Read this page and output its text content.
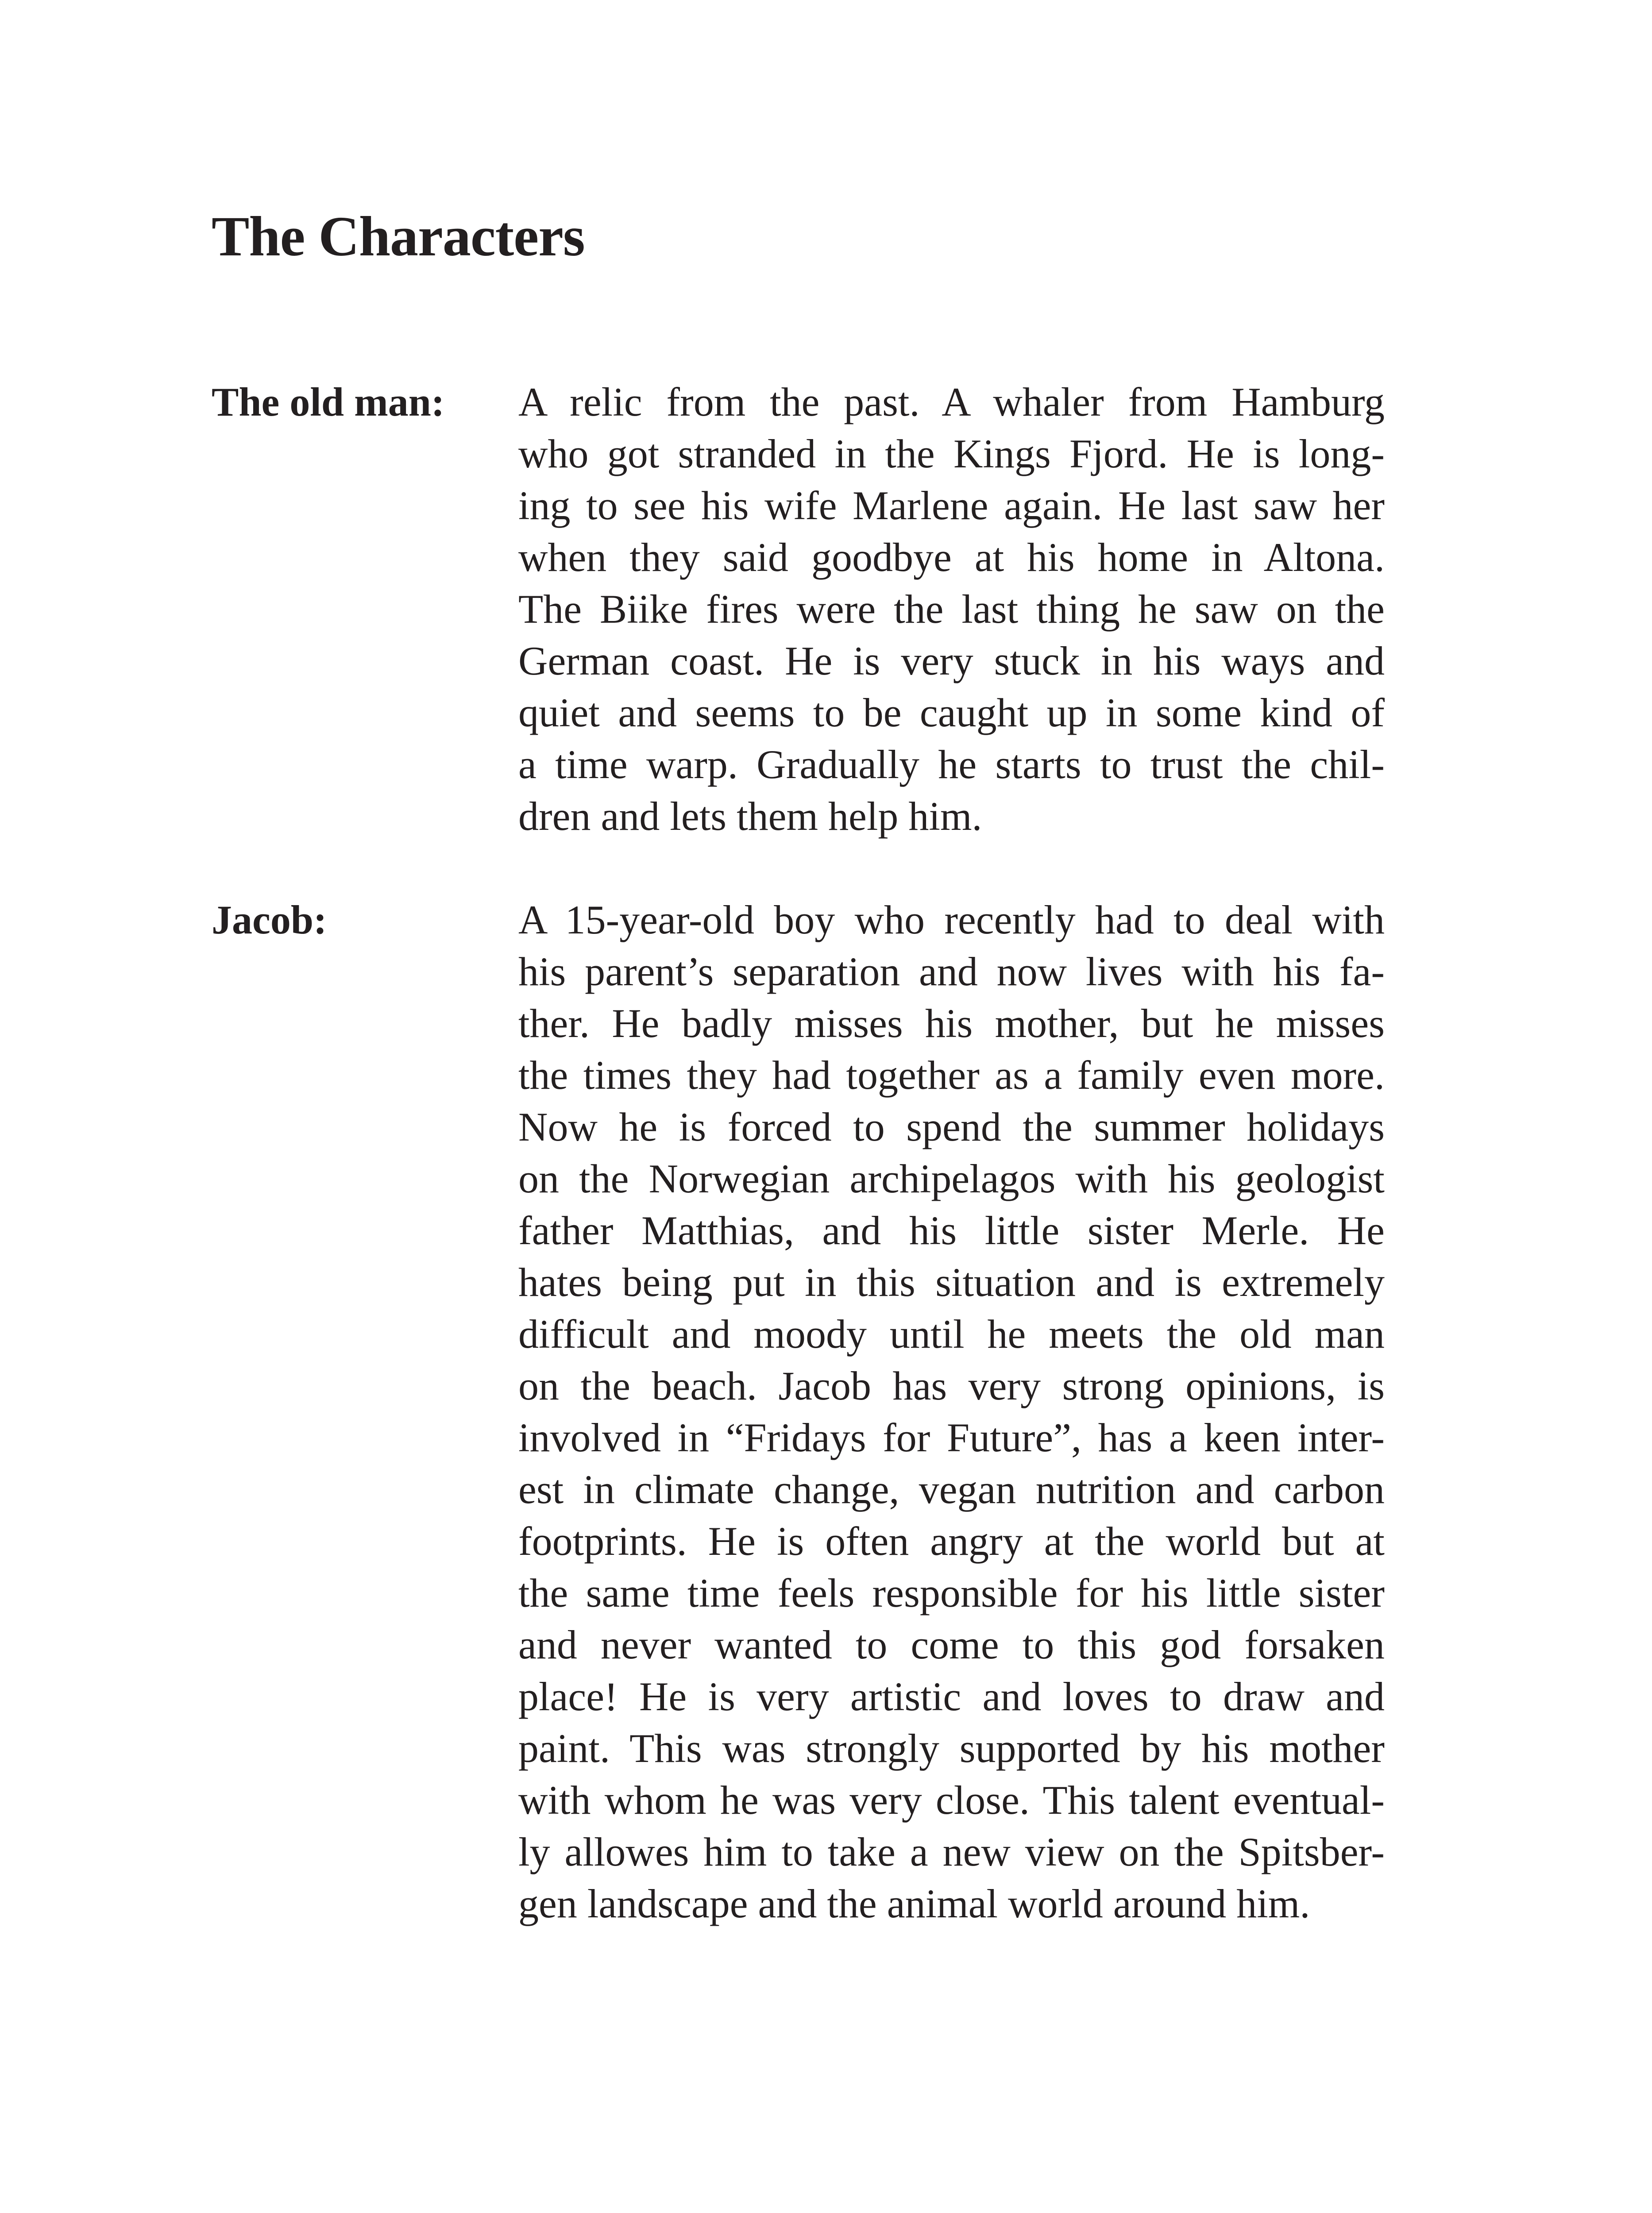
The Characters
The old man: A relic from the past. A whaler from Hamburg
who got stranded in the Kings Fjord. He is long-
ing to see his wife Marlene again. He last saw her
when they said goodbye at his home in Altona.
The Biike fires were the last thing he saw on the
German coast. He is very stuck in his ways and
quiet and seems to be caught up in some kind of
a time warp. Gradually he starts to trust the chil-
dren and lets them help him.
Jacob:	A 15-year-old boy who recently had to deal with
his parent’s separation and now lives with his fa-
ther. He badly misses his mother, but he misses
the times they had together as a family even more.
Now he is forced to spend the summer holidays
on the Norwegian archipelagos with his geologist
father Matthias, and his little sister Merle. He
hates being put in this situation and is extremely
difficult and moody until he meets the old man
on the beach. Jacob has very strong opinions, is
involved in “Fridays for Future”, has a keen inter-
est in climate change, vegan nutrition and carbon
footprints. He is often angry at the world but at
the same time feels responsible for his little sister
and never wanted to come to this god forsaken
place! He is very artistic and loves to draw and
paint. This was strongly supported by his mother
with whom he was very close. This talent eventual-
ly allowes him to take a new view on the Spitsber-
gen landscape and the animal world around him.
